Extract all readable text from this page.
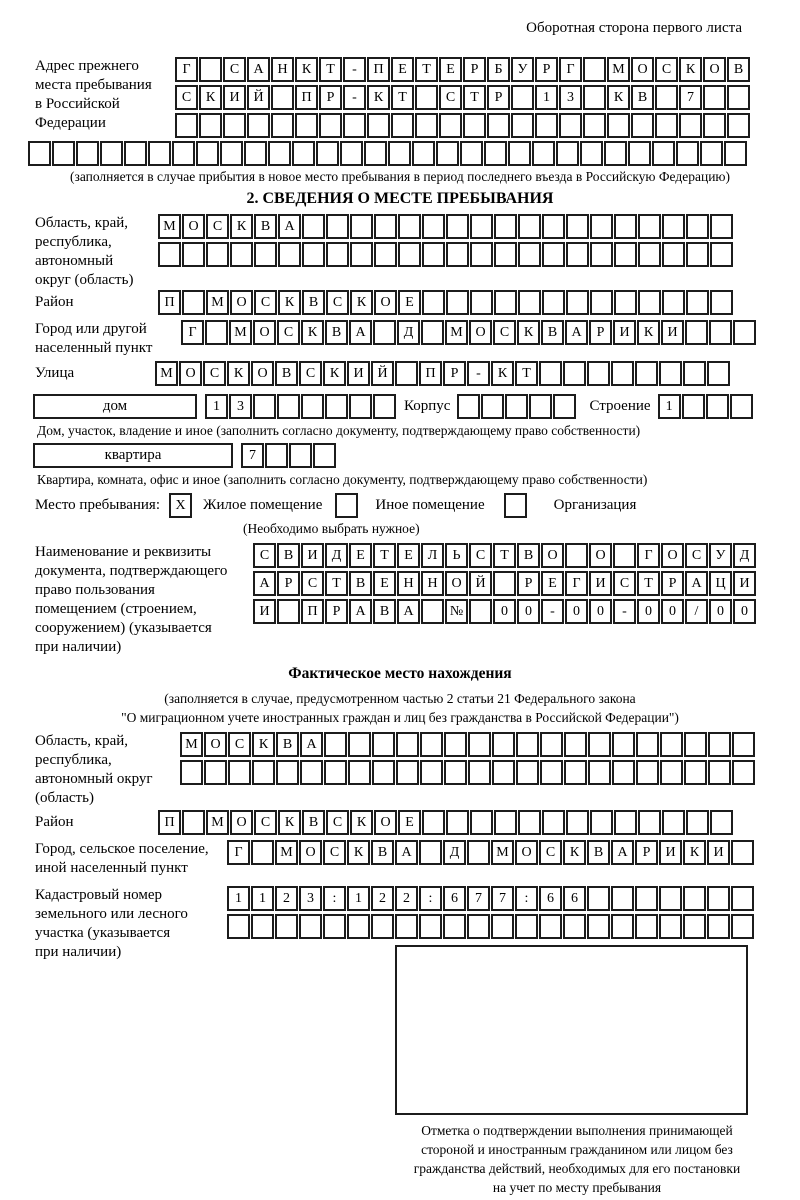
Оборотная сторона первого листа
Адрес прежнего
места пребывания
в Российской
Федерации
Г	С	А Н	К	Т	-	П	Е	Т	Е	Р	Б	У	Р	Г	М О	С	К	О	В
С	К	И Й	П	Р	-	К	Т	С	Т	Р	1	3	К	В	7
(заполняется в случае прибытия в новое место пребывания в период последнего въезда в Российскую Федерацию)
2. СВЕДЕНИЯ О МЕСТЕ ПРЕБЫВАНИЯ
Область, край,
республика,
автономный
округ (область)
М О	С	К	В	А
Район	П	М О	С	К	В	С	К	О	Е
Город или другой
населенный пункт
Г	М О	С	К	В	А	Д	М О	С	К	В	А	Р	И	К	И
Улица	М О	С	К	О	В	С	К	И Й	П	Р	-	К	Т
дом	1	3	Корпус	Строение	1
Дом, участок, владение и иное (заполнить согласно документу, подтверждающему право собственности)
квартира	7
Квартира, комната, офис и иное (заполнить согласно документу, подтверждающему право собственности)
Место пребывания:	X	Жилое помещение	Иное помещение	Организация
(Необходимо выбрать нужное)
Наименование и реквизиты
документа, подтверждающего
право пользования
помещением (строением,
сооружением) (указывается
при наличии)
С	В	И	Д	Е	Т	Е	Л	Ь	С	Т	В	О	О	Г	О	С	У	Д
А	Р	С	Т	В	Е	Н Н О Й	Р	Е	Г	И	С	Т	Р	А Ц И
И	П	Р	А	В	А	№	0	0	-	0	0	-	0	0	/	0	0
Фактическое место нахождения
(заполняется в случае, предусмотренном частью 2 статьи 21 Федерального закона
"О миграционном учете иностранных граждан и лиц без гражданства в Российской Федерации")
Область, край,
республика,
автономный округ
(область)
М О	С	К	В	А
Район	П	М О	С	К	В	С	К	О	Е
Город, сельское поселение,
иной населенный пункт
Г	М О	С	К	В	А	Д	М О	С	К	В	А	Р	И	К	И
Кадастровый номер
земельного или лесного
участка (указывается
при наличии)
1	1	2	3	:	1	2	2	:	6	7	7	:	6	6
Отметка о подтверждении выполнения принимающей
стороной и иностранным гражданином или лицом без
гражданства действий, необходимых для его постановки
на учет по месту пребывания
